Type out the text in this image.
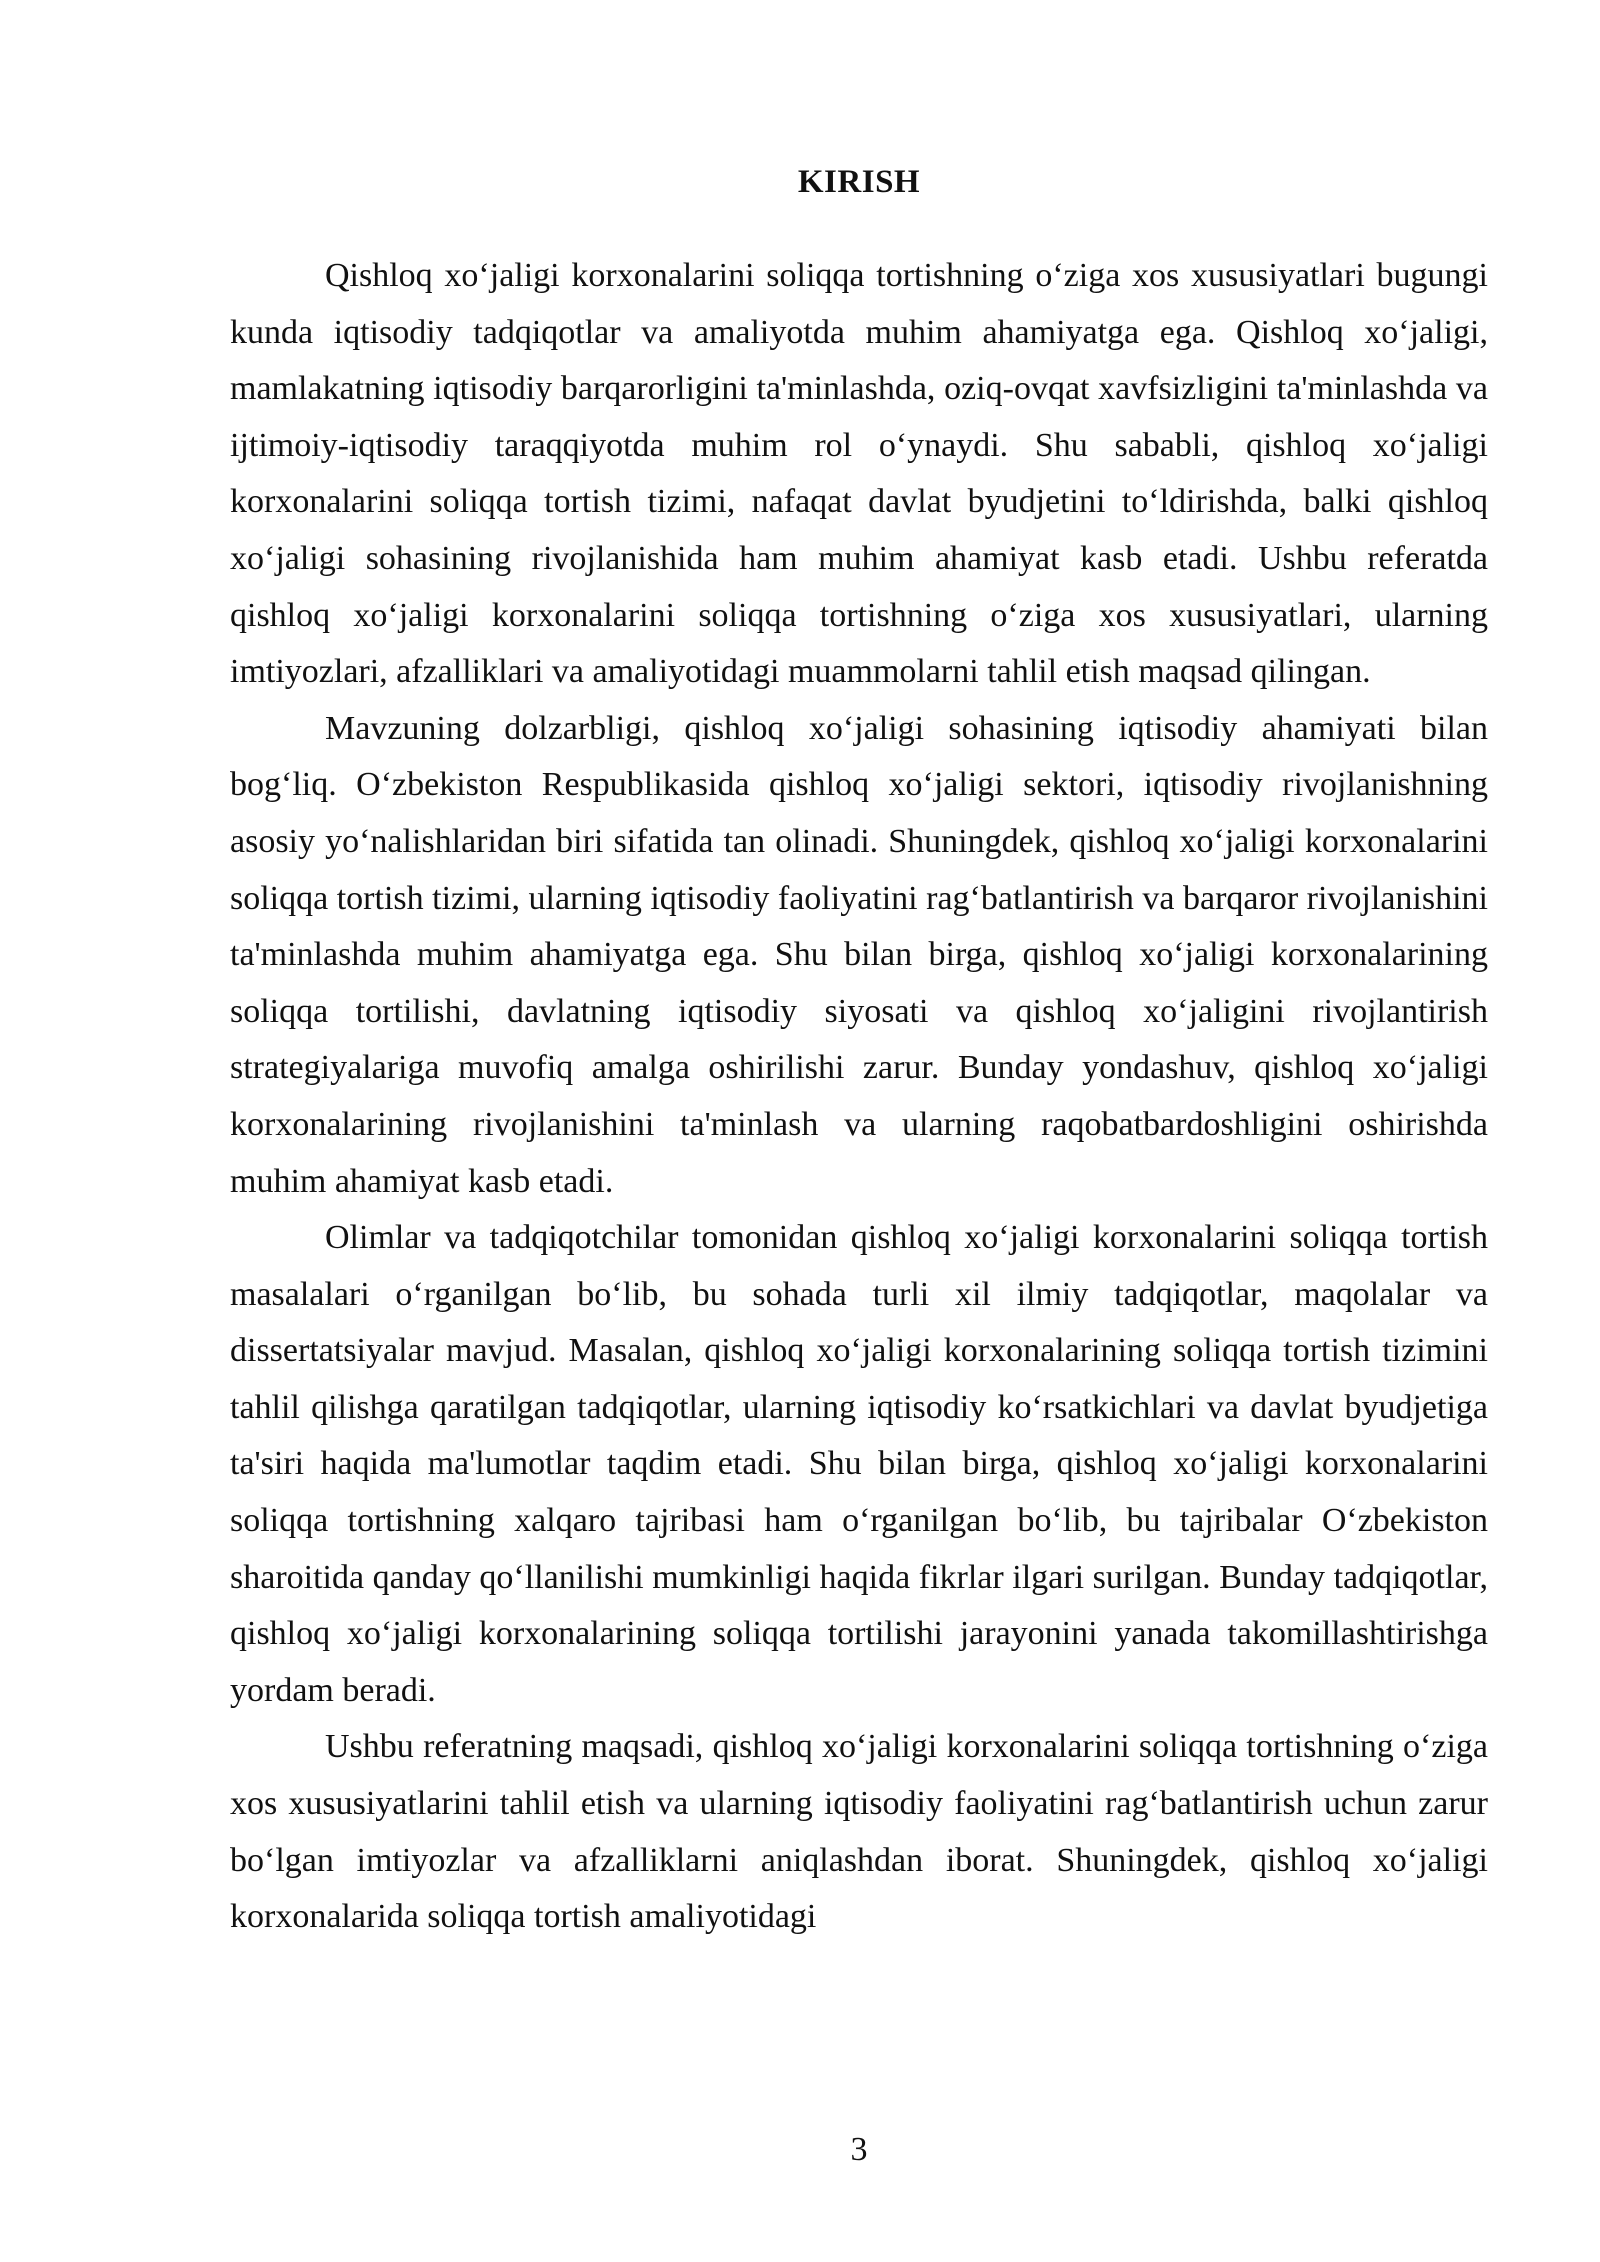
KIRISH

Qishloq xo‘jaligi korxonalarini soliqqa tortishning o‘ziga xos xususiyatlari bugungi kunda iqtisodiy tadqiqotlar va amaliyotda muhim ahamiyatga ega. Qishloq xo‘jaligi, mamlakatning iqtisodiy barqarorligini ta'minlashda, oziq-ovqat xavfsizligini ta'minlashda va ijtimoiy-iqtisodiy taraqqiyotda muhim rol o‘ynaydi. Shu sababli, qishloq xo‘jaligi korxonalarini soliqqa tortish tizimi, nafaqat davlat byudjetini to‘ldirishda, balki qishloq xo‘jaligi sohasining rivojlanishida ham muhim ahamiyat kasb etadi. Ushbu referatda qishloq xo‘jaligi korxonalarini soliqqa tortishning o‘ziga xos xususiyatlari, ularning imtiyozlari, afzalliklari va amaliyotidagi muammolarni tahlil etish maqsad qilingan.

Mavzuning dolzarbligi, qishloq xo‘jaligi sohasining iqtisodiy ahamiyati bilan bog‘liq. O‘zbekiston Respublikasida qishloq xo‘jaligi sektori, iqtisodiy rivojlanishning asosiy yo‘nalishlaridan biri sifatida tan olinadi. Shuningdek, qishloq xo‘jaligi korxonalarini soliqqa tortish tizimi, ularning iqtisodiy faoliyatini rag‘batlantirish va barqaror rivojlanishini ta'minlashda muhim ahamiyatga ega. Shu bilan birga, qishloq xo‘jaligi korxonalarining soliqqa tortilishi, davlatning iqtisodiy siyosati va qishloq xo‘jaligini rivojlantirish strategiyalariga muvofiq amalga oshirilishi zarur. Bunday yondashuv, qishloq xo‘jaligi korxonalarining rivojlanishini ta'minlash va ularning raqobatbardoshligini oshirishda muhim ahamiyat kasb etadi.

Olimlar va tadqiqotchilar tomonidan qishloq xo‘jaligi korxonalarini soliqqa tortish masalalari o‘rganilgan bo‘lib, bu sohada turli xil ilmiy tadqiqotlar, maqolalar va dissertatsiyalar mavjud. Masalan, qishloq xo‘jaligi korxonalarining soliqqa tortish tizimini tahlil qilishga qaratilgan tadqiqotlar, ularning iqtisodiy ko‘rsatkichlari va davlat byudjetiga ta'siri haqida ma'lumotlar taqdim etadi. Shu bilan birga, qishloq xo‘jaligi korxonalarini soliqqa tortishning xalqaro tajribasi ham o‘rganilgan bo‘lib, bu tajribalar O‘zbekiston sharoitida qanday qo‘llanilishi mumkinligi haqida fikrlar ilgari surilgan. Bunday tadqiqotlar, qishloq xo‘jaligi korxonalarining soliqqa tortilishi jarayonini yanada takomillashtirishga yordam beradi.

Ushbu referatning maqsadi, qishloq xo‘jaligi korxonalarini soliqqa tortishning o‘ziga xos xususiyatlarini tahlil etish va ularning iqtisodiy faoliyatini rag‘batlantirish uchun zarur bo‘lgan imtiyozlar va afzalliklarni aniqlashdan iborat. Shuningdek, qishloq xo‘jaligi korxonalarida soliqqa tortish amaliyotidagi

3
